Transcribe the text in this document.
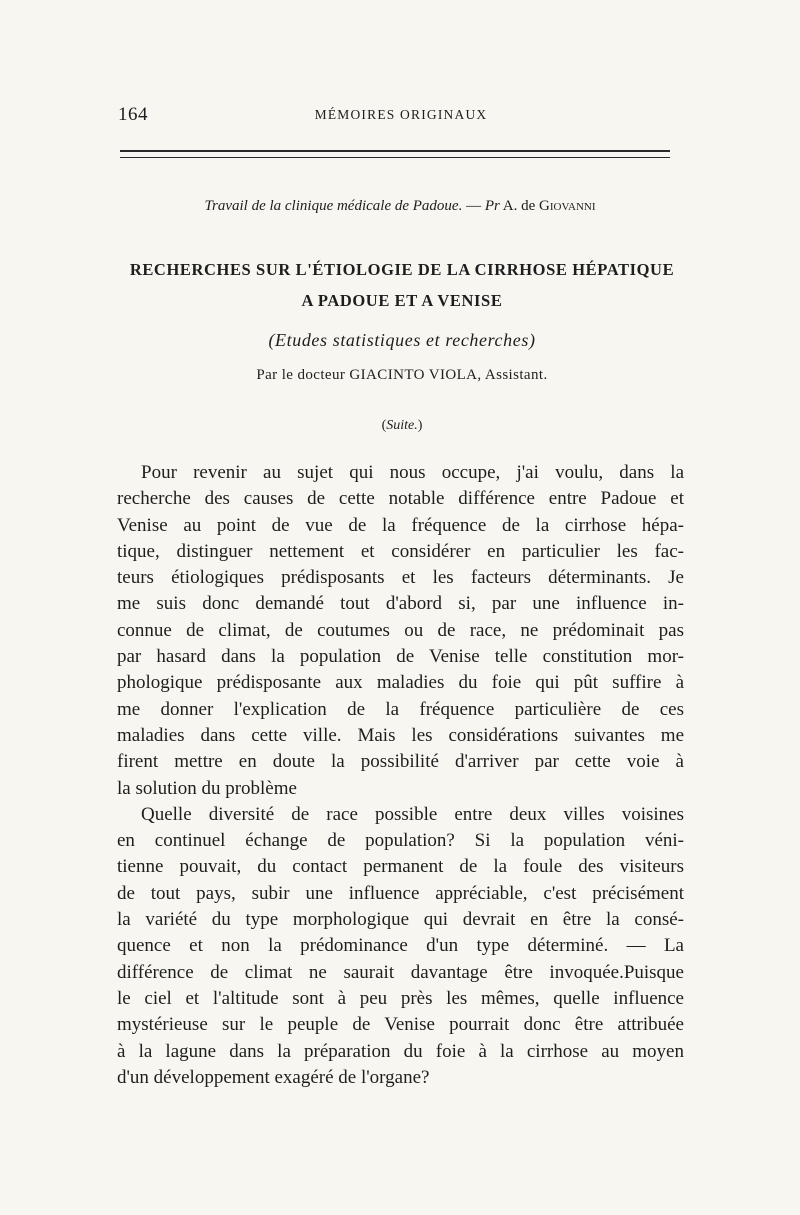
164	MÉMOIRES ORIGINAUX
Travail de la clinique médicale de Padoue. — Pr A. de Giovanni
RECHERCHES SUR L'ÉTIOLOGIE DE LA CIRRHOSE HÉPATIQUE
A PADOUE ET A VENISE
(Etudes statistiques et recherches)
Par le docteur GIACINTO VIOLA, Assistant.
(Suite.)
Pour revenir au sujet qui nous occupe, j'ai voulu, dans la
recherche des causes de cette notable différence entre Padoue et
Venise au point de vue de la fréquence de la cirrhose hépa-
tique, distinguer nettement et considérer en particulier les fac-
teurs étiologiques prédisposants et les facteurs déterminants. Je
me suis donc demandé tout d'abord si, par une influence in-
connue de climat, de coutumes ou de race, ne prédominait pas
par hasard dans la population de Venise telle constitution mor-
phologique prédisposante aux maladies du foie qui pût suffire à
me donner l'explication de la fréquence particulière de ces
maladies dans cette ville. Mais les considérations suivantes me
firent mettre en doute la possibilité d'arriver par cette voie à
la solution du problème
Quelle diversité de race possible entre deux villes voisines
en continuel échange de population? Si la population véni-
tienne pouvait, du contact permanent de la foule des visiteurs
de tout pays, subir une influence appréciable, c'est précisément
la variété du type morphologique qui devrait en être la consé-
quence et non la prédominance d'un type déterminé. — La
différence de climat ne saurait davantage être invoquée.Puisque
le ciel et l'altitude sont à peu près les mêmes, quelle influence
mystérieuse sur le peuple de Venise pourrait donc être attribuée
à la lagune dans la préparation du foie à la cirrhose au moyen
d'un développement exagéré de l'organe?
